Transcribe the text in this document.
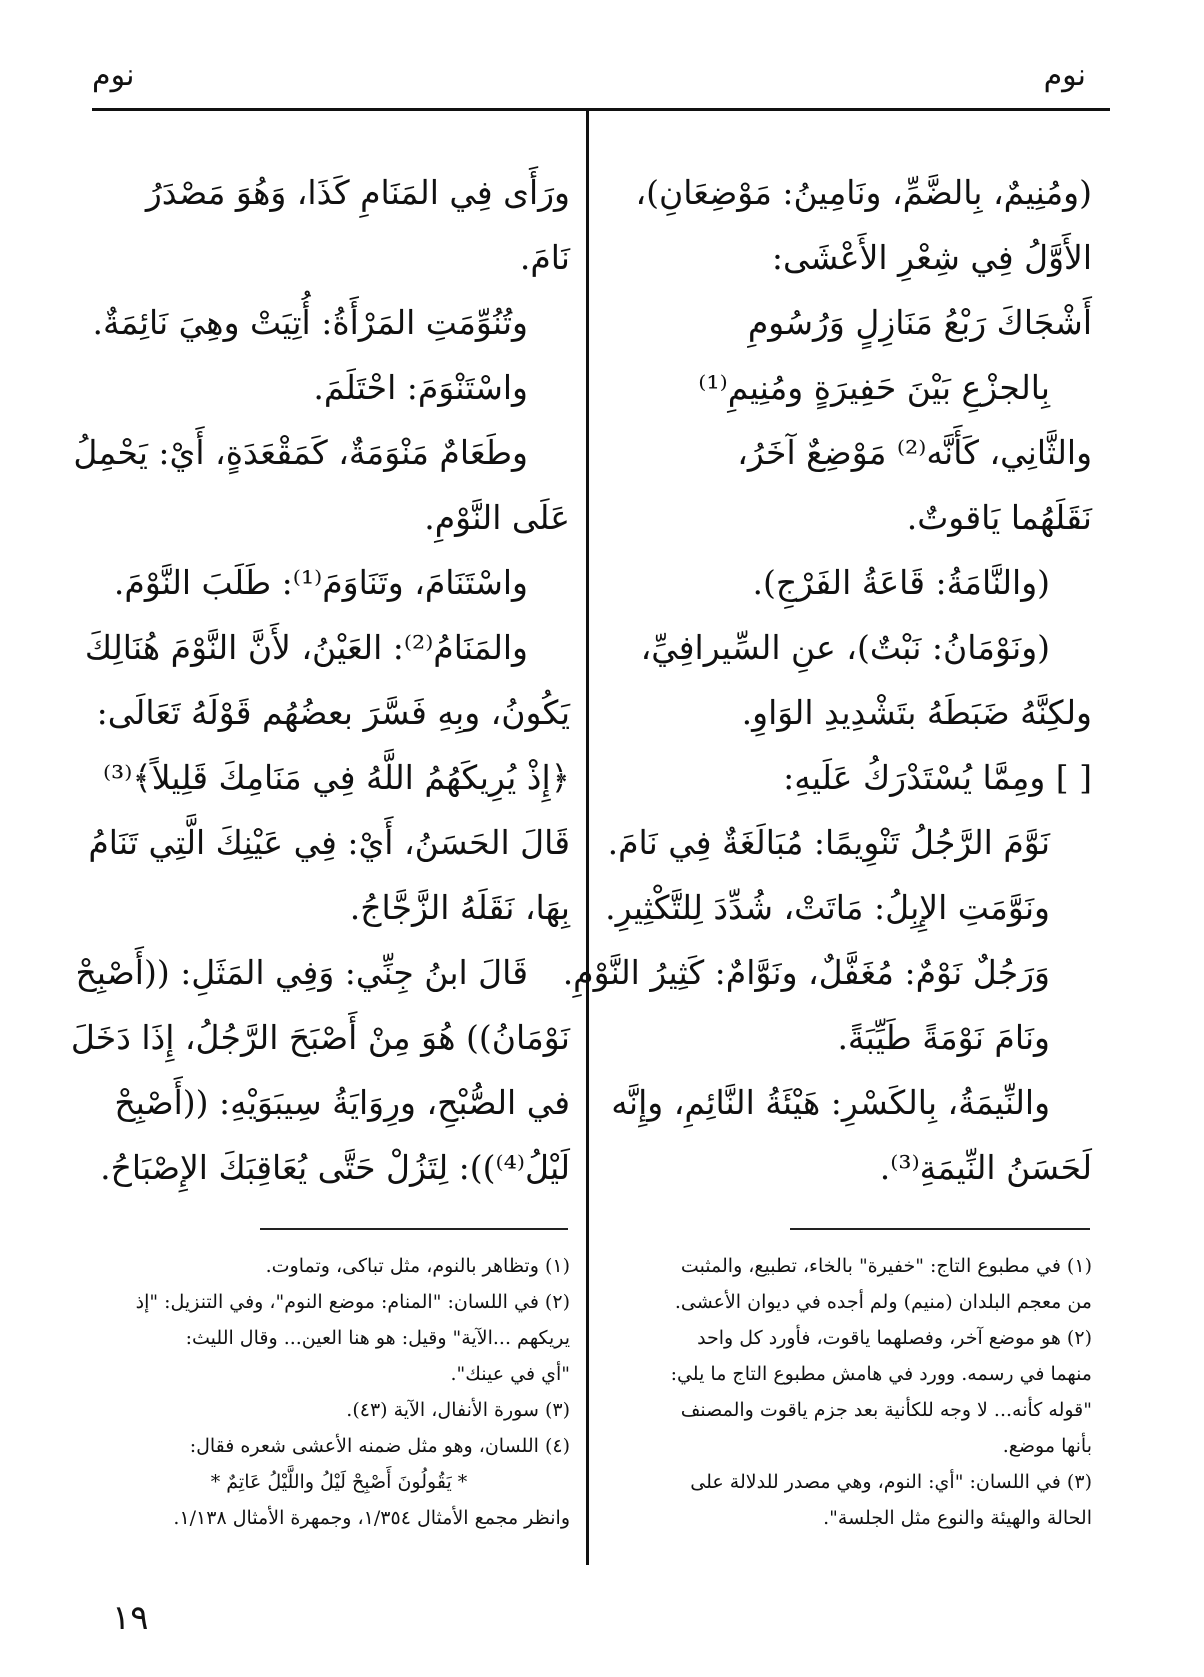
نوم
نوم
(ومُنِيمٌ، بِالضَّمِّ، ونَامِينُ: مَوْضِعَانِ)،
الأَوَّلُ فِي شِعْرِ الأَعْشَى:
أَشْجَاكَ رَبْعُ مَنَازِلٍ وَرُسُومِ
بِالجزْعِ بَيْنَ حَفِيرَةٍ ومُنِيمِ⁽¹⁾
والثَّانِي، كَأَنَّه⁽²⁾ مَوْضِعٌ آخَرُ،
نَقَلَهُما يَاقوتٌ.
(والنَّامَةُ: قَاعَةُ الفَرْجِ).
(ونَوْمَانُ: نَبْتٌ)، عنِ السِّيرافِيِّ،
ولكِنَّهُ ضَبَطَهُ بتَشْدِيدِ الوَاوِ.
[ ] ومِمَّا يُسْتَدْرَكُ عَلَيهِ:
نَوَّمَ الرَّجُلُ تَنْوِيمًا: مُبَالَغَةٌ فِي نَامَ.
ونَوَّمَتِ الإِبِلُ: مَاتَتْ، شُدِّدَ لِلتَّكْثِيرِ.
وَرَجُلٌ نَوْمٌ: مُغَفَّلٌ، ونَوَّامٌ: كَثِيرُ النَّوْمِ.
ونَامَ نَوْمَةً طَيِّبَةً.
والنِّيمَةُ، بِالكَسْرِ: هَيْئَةُ النَّائِمِ، وإِنَّه
لَحَسَنُ النِّيمَةِ⁽³⁾.
ورَأَى فِي المَنَامِ كَذَا، وَهُوَ مَصْدَرُ
نَامَ.
وتُنُوِّمَتِ المَرْأَةُ: أُتِيَتْ وهِيَ نَائِمَةٌ.
واسْتَنْوَمَ: احْتَلَمَ.
وطَعَامٌ مَنْوَمَةٌ، كَمَقْعَدَةٍ، أَيْ: يَحْمِلُ
عَلَى النَّوْمِ.
واسْتَنَامَ، وتَنَاوَمَ⁽¹⁾: طَلَبَ النَّوْمَ.
والمَنَامُ⁽²⁾: العَيْنُ، لأَنَّ النَّوْمَ هُنَالِكَ
يَكُونُ، وبِهِ فَسَّرَ بعضُهُم قَوْلَهُ تَعَالَى:
﴿إِذْ يُرِيكَهُمُ اللَّهُ فِي مَنَامِكَ قَلِيلاً﴾⁽³⁾
قَالَ الحَسَنُ، أَيْ: فِي عَيْنِكَ الَّتِي تَنَامُ
بِهَا، نَقَلَهُ الزَّجَّاجُ.
قَالَ ابنُ جِنِّي: وَفِي المَثَلِ: ((أَصْبِحْ
نَوْمَانُ)) هُوَ مِنْ أَصْبَحَ الرَّجُلُ، إِذَا دَخَلَ
في الصُّبْحِ، ورِوَايَةُ سِيبَوَيْهِ: ((أَصْبِحْ
لَيْلُ⁽⁴⁾)): لِتَزُلْ حَتَّى يُعَاقِبَكَ الإِصْبَاحُ.
(١) في مطبوع التاج: "خفيرة" بالخاء، تطبيع، والمثبت
من معجم البلدان (منيم) ولم أجده في ديوان الأعشى.
(٢) هو موضع آخر، وفصلهما ياقوت، فأورد كل واحد
منهما في رسمه. وورد في هامش مطبوع التاج ما يلي:
"قوله كأنه... لا وجه للكأنية بعد جزم ياقوت والمصنف
بأنها موضع.
(٣) في اللسان: "أي: النوم، وهي مصدر للدلالة على
الحالة والهيئة والنوع مثل الجلسة".
(١) وتظاهر بالنوم، مثل تباكى، وتماوت.
(٢) في اللسان: "المنام: موضع النوم"، وفي التنزيل: "إذ
يريكهم ...الآية" وقيل: هو هنا العين... وقال الليث:
"أي في عينك".
(٣) سورة الأنفال، الآية (٤٣).
(٤) اللسان، وهو مثل ضمنه الأعشى شعره فقال:
* يَقُولُونَ أَصْبِحْ لَيْلُ واللَّيْلُ عَاتِمٌ *
وانظر مجمع الأمثال ١/٣٥٤، وجمهرة الأمثال ١/١٣٨.
١٩
